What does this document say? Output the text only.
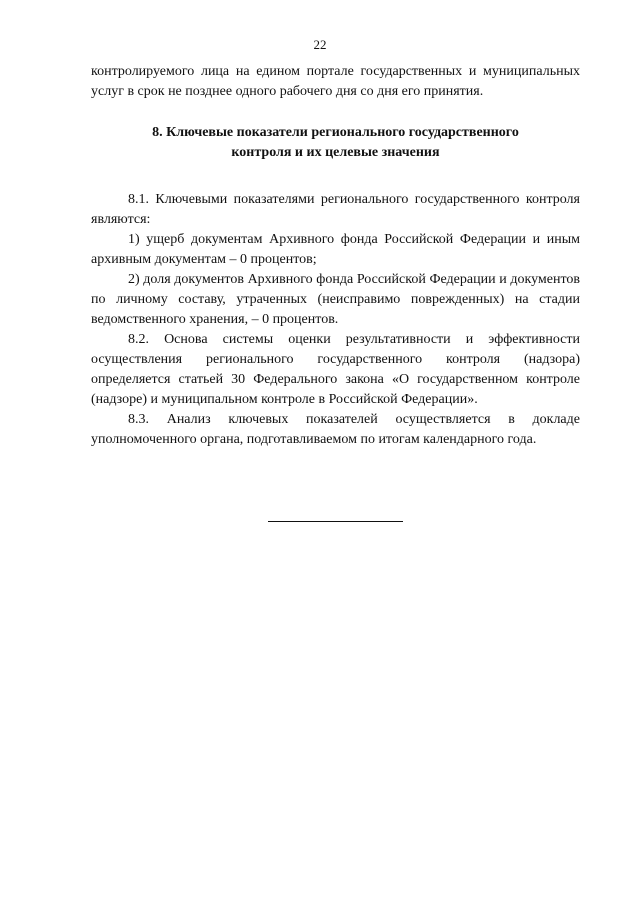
22

контролируемого лица на едином портале государственных и муниципальных услуг в срок не позднее одного рабочего дня со дня его принятия.

8. Ключевые показатели регионального государственного
контроля и их целевые значения

8.1. Ключевыми показателями регионального государственного контроля являются:

1) ущерб документам Архивного фонда Российской Федерации и иным архивным документам – 0 процентов;

2) доля документов Архивного фонда Российской Федерации и документов по личному составу, утраченных (неисправимо поврежденных) на стадии ведомственного хранения, – 0 процентов.

8.2. Основа системы оценки результативности и эффективности осуществления регионального государственного контроля (надзора) определяется статьей 30 Федерального закона «О государственном контроле (надзоре) и муниципальном контроле в Российской Федерации».

8.3. Анализ ключевых показателей осуществляется в докладе уполномоченного органа, подготавливаемом по итогам календарного года.
